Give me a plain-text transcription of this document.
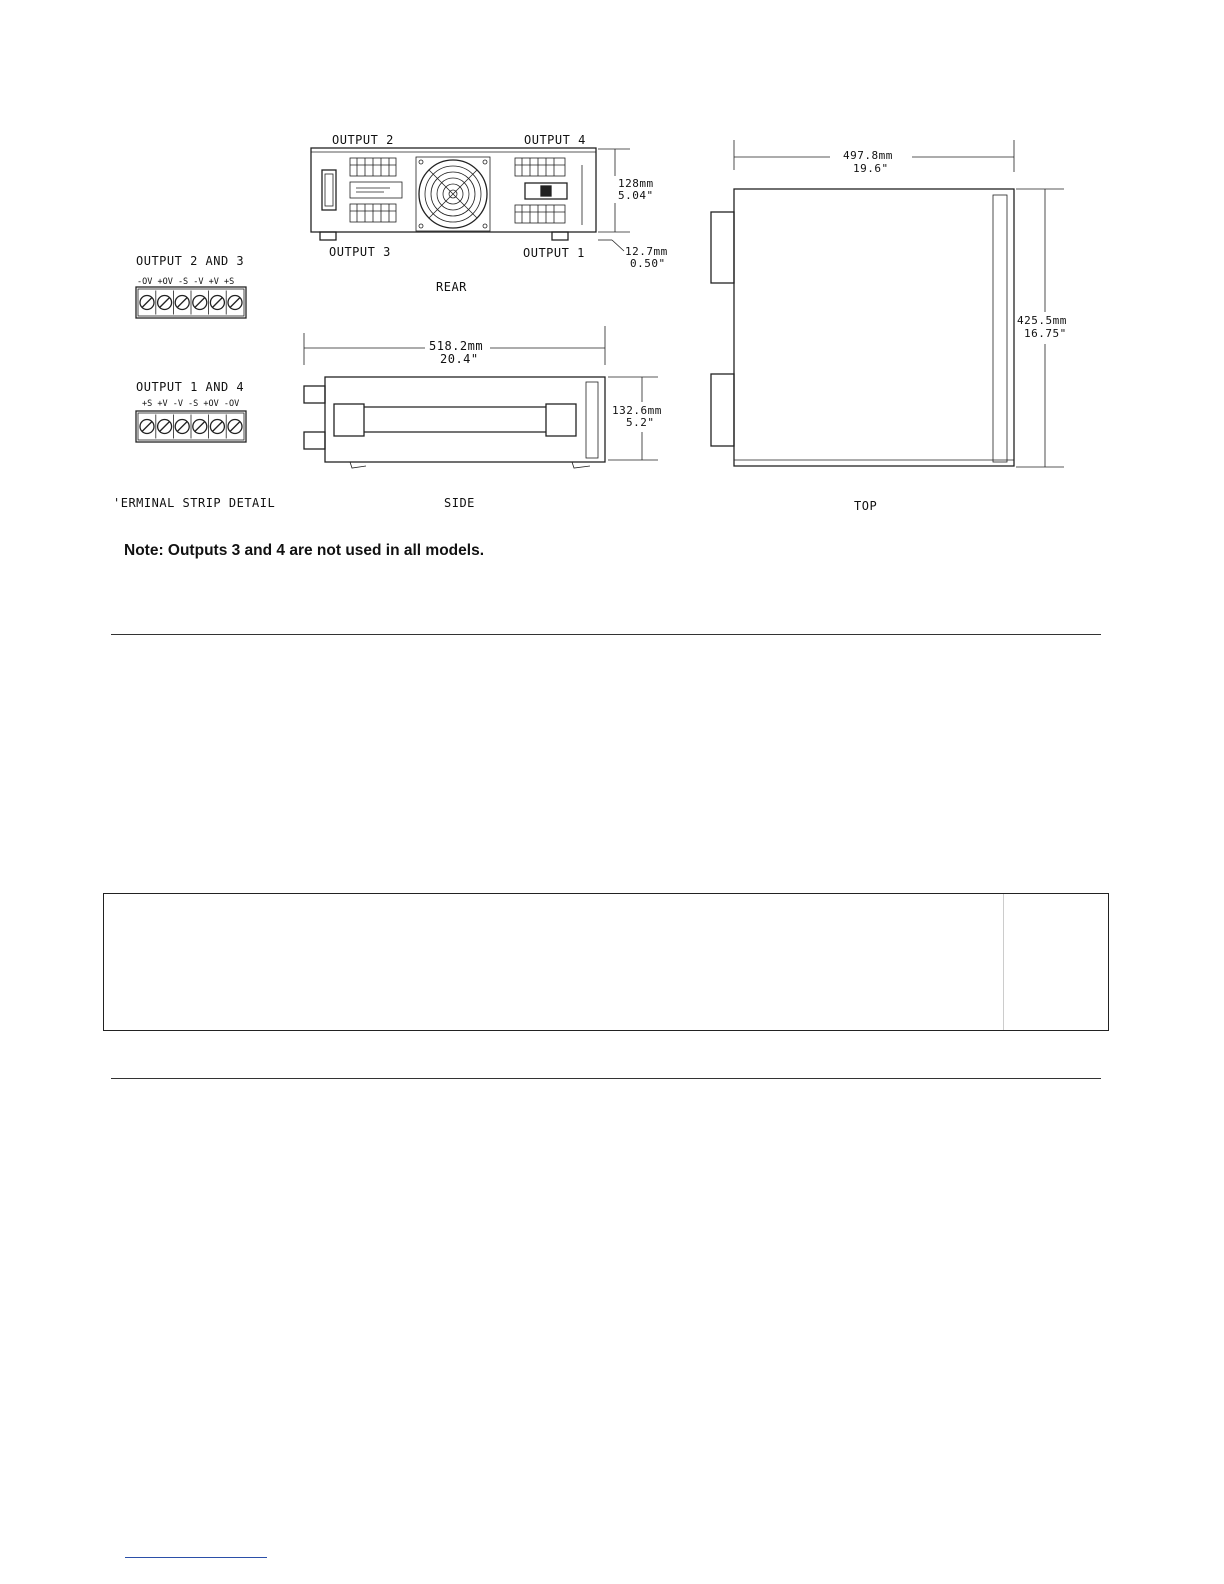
OUTPUT 2	OUTPUT 4
OUTPUT 3	OUTPUT 1
128mm
5.04"
12.7mm
0.50"
REAR
518.2mm
20.4"
132.6mm
5.2"
SIDE
497.8mm
19.6"
425.5mm
16.75"
TOP
OUTPUT 2 AND 3
-OV +OV -S -V +V +S
OUTPUT 1 AND 4
+S +V -V -S +OV -OV
'ERMINAL STRIP DETAIL
Note: Outputs 3 and 4 are not used in all models.
